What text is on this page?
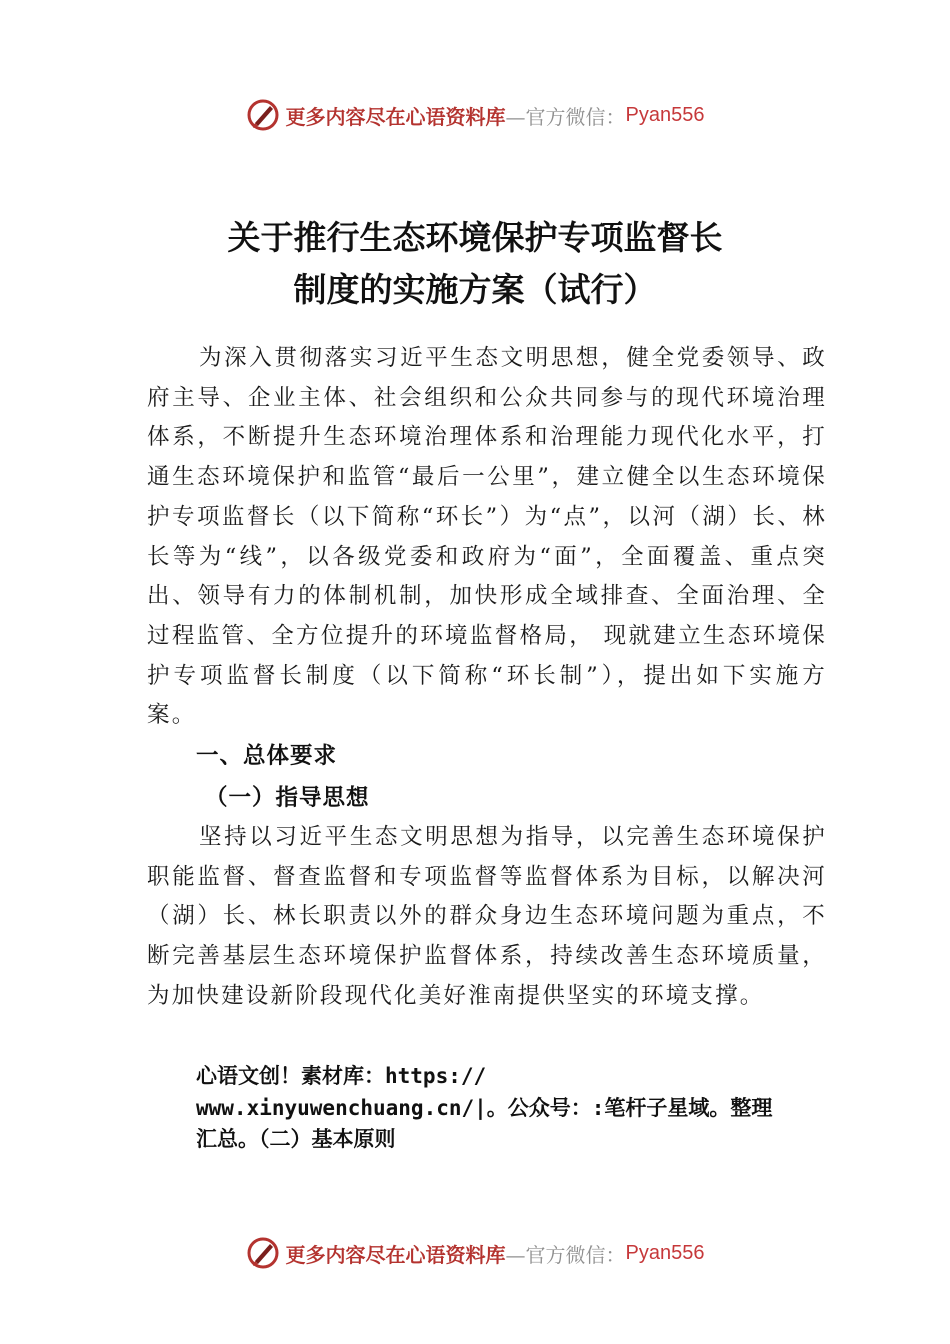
更多内容尽在心语资料库 —官方微信： Pyan556
关于推行生态环境保护专项监督长
制度的实施方案（试行）
为深入贯彻落实习近平生态文明思想，健全党委领导、政府主导、企业主体、社会组织和公众共同参与的现代环境治理体系，不断提升生态环境治理体系和治理能力现代化水平，打通生态环境保护和监管“最后一公里”，建立健全以生态环境保护专项监督长（以下简称“环长”）为“点”，以河（湖）长、林长等为“线”，以各级党委和政府为“面”，全面覆盖、重点突出、领导有力的体制机制，加快形成全域排查、全面治理、全过程监管、全方位提升的环境监督格局， 现就建立生态环境保护专项监督长制度（以下简称“环长制”），提出如下实施方案。
一、总体要求
（一）指导思想
坚持以习近平生态文明思想为指导，以完善生态环境保护职能监督、督查监督和专项监督等监督体系为目标，以解决河（湖）长、林长职责以外的群众身边生态环境问题为重点，不断完善基层生态环境保护监督体系，持续改善生态环境质量，为加快建设新阶段现代化美好淮南提供坚实的环境支撑。
心语文创！素材库：https://
www.xinyuwenchuang.cn/|。公众号：:笔杆子星域。整理
汇总。（二）基本原则
更多内容尽在心语资料库 —官方微信： Pyan556
